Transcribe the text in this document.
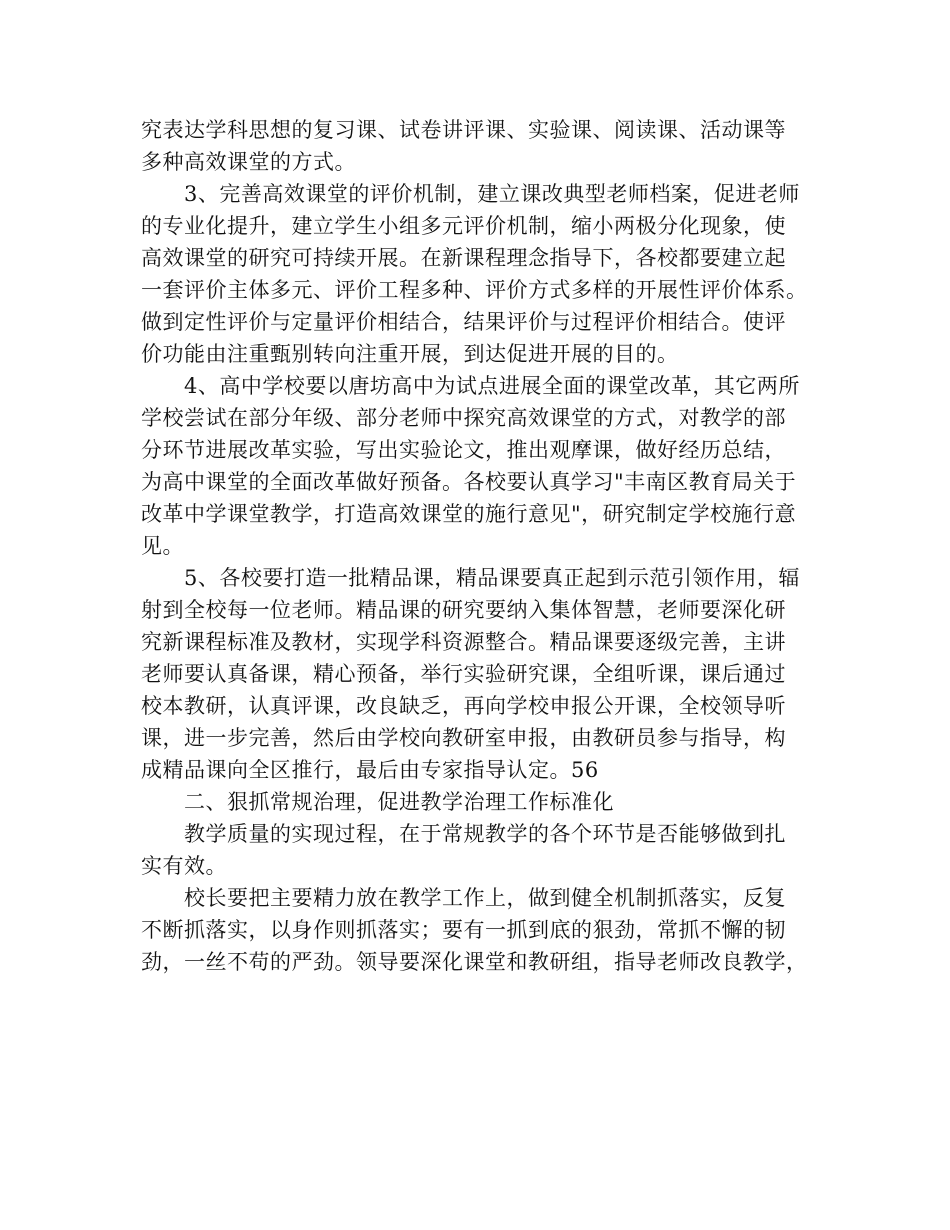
究表达学科思想的复习课、试卷讲评课、实验课、阅读课、活动课等
多种高效课堂的方式。
3、完善高效课堂的评价机制，建立课改典型老师档案，促进老师
的专业化提升，建立学生小组多元评价机制，缩小两极分化现象，使
高效课堂的研究可持续开展。在新课程理念指导下，各校都要建立起
一套评价主体多元、评价工程多种、评价方式多样的开展性评价体系。
做到定性评价与定量评价相结合，结果评价与过程评价相结合。使评
价功能由注重甄别转向注重开展，到达促进开展的目的。
4、高中学校要以唐坊高中为试点进展全面的课堂改革，其它两所
学校尝试在部分年级、部分老师中探究高效课堂的方式，对教学的部
分环节进展改革实验，写出实验论文，推出观摩课，做好经历总结，
为高中课堂的全面改革做好预备。各校要认真学习"丰南区教育局关于
改革中学课堂教学，打造高效课堂的施行意见"，研究制定学校施行意
见。
5、各校要打造一批精品课，精品课要真正起到示范引领作用，辐
射到全校每一位老师。精品课的研究要纳入集体智慧，老师要深化研
究新课程标准及教材，实现学科资源整合。精品课要逐级完善，主讲
老师要认真备课，精心预备，举行实验研究课，全组听课，课后通过
校本教研，认真评课，改良缺乏，再向学校申报公开课，全校领导听
课，进一步完善，然后由学校向教研室申报，由教研员参与指导，构
成精品课向全区推行，最后由专家指导认定。56
二、狠抓常规治理，促进教学治理工作标准化
教学质量的实现过程，在于常规教学的各个环节是否能够做到扎
实有效。
校长要把主要精力放在教学工作上，做到健全机制抓落实，反复
不断抓落实，以身作则抓落实；要有一抓到底的狠劲，常抓不懈的韧
劲，一丝不苟的严劲。领导要深化课堂和教研组，指导老师改良教学，
